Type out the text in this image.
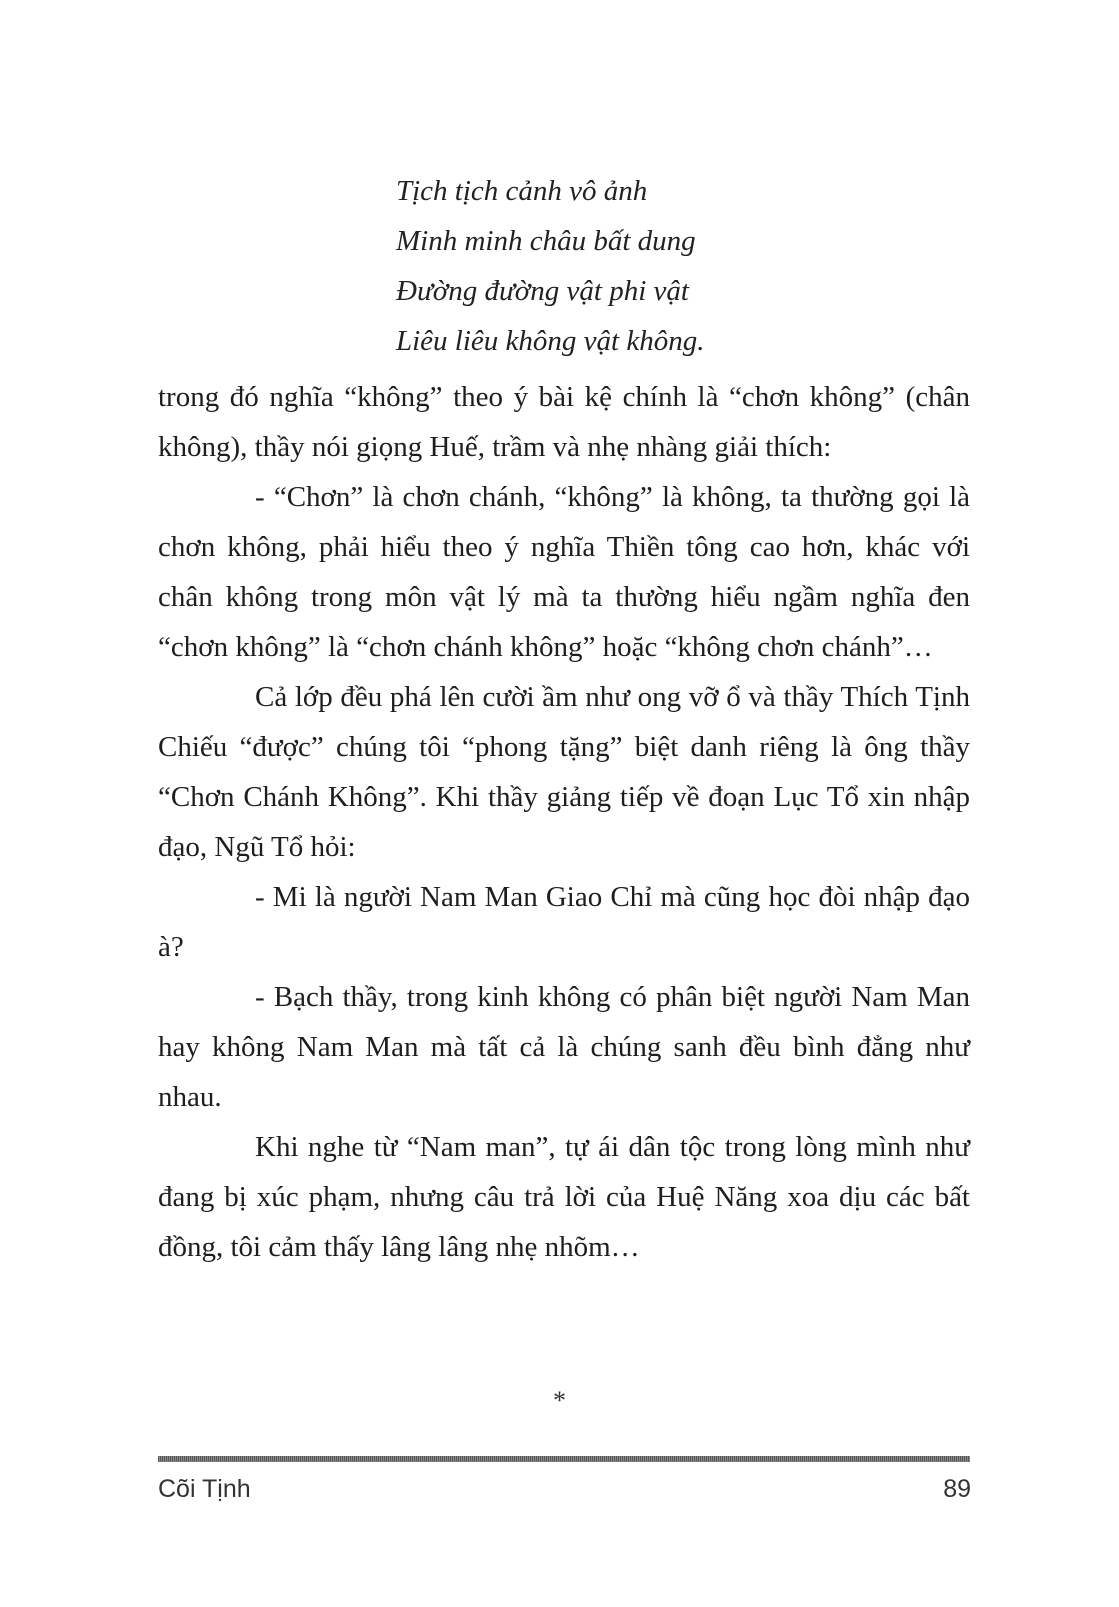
Tịch tịch cảnh vô ảnh
Minh minh châu bất dung
Đường đường vật phi vật
Liêu liêu không vật không.

trong đó nghĩa “không” theo ý bài kệ chính là “chơn không” (chân không), thầy nói giọng Huế, trầm và nhẹ nhàng giải thích:

- “Chơn” là chơn chánh, “không” là không, ta thường gọi là chơn không, phải hiểu theo ý nghĩa Thiền tông cao hơn, khác với chân không trong môn vật lý mà ta thường hiểu ngầm nghĩa đen “chơn không” là “chơn chánh không” hoặc “không chơn chánh”…

Cả lớp đều phá lên cười ầm như ong vỡ ổ và thầy Thích Tịnh Chiếu “được” chúng tôi “phong tặng” biệt danh riêng là ông thầy “Chơn Chánh Không”. Khi thầy giảng tiếp về đoạn Lục Tổ xin nhập đạo, Ngũ Tổ hỏi:

- Mi là người Nam Man Giao Chỉ mà cũng học đòi nhập đạo à?

- Bạch thầy, trong kinh không có phân biệt người Nam Man hay không Nam Man mà tất cả là chúng sanh đều bình đẳng như nhau.

Khi nghe từ “Nam man”, tự ái dân tộc trong lòng mình như đang bị xúc phạm, nhưng câu trả lời của Huệ Năng xoa dịu các bất đồng, tôi cảm thấy lâng lâng nhẹ nhõm…

*
Cõi Tịnh	89
